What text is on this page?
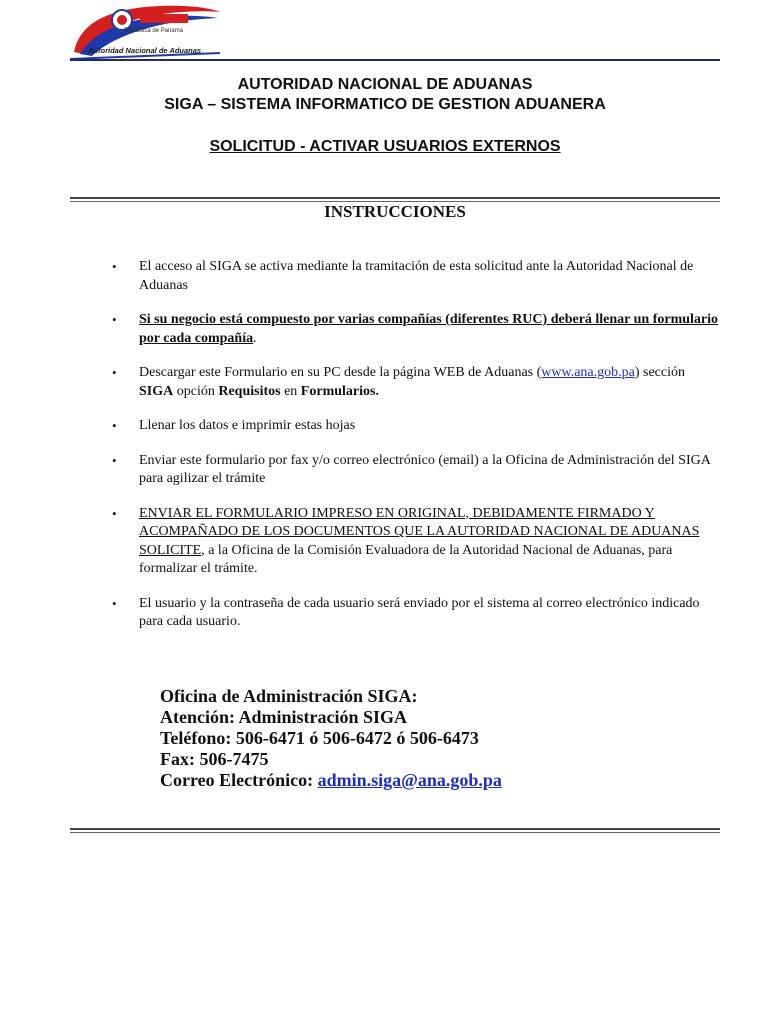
República de Panamá
Autoridad Nacional de Aduanas
AUTORIDAD NACIONAL DE ADUANAS
SIGA – SISTEMA INFORMATICO DE GESTION ADUANERA
SOLICITUD - ACTIVAR USUARIOS EXTERNOS
INSTRUCCIONES
• El acceso al SIGA se activa mediante la tramitación de esta solicitud ante la Autoridad Nacional de Aduanas
• Si su negocio está compuesto por varias compañías (diferentes RUC) deberá llenar un formulario por cada compañía.
• Descargar este Formulario en su PC desde la página WEB de Aduanas (www.ana.gob.pa) sección SIGA opción Requisitos en Formularios.
• Llenar los datos e imprimir estas hojas
• Enviar este formulario por fax y/o correo electrónico (email) a la Oficina de Administración del SIGA para agilizar el trámite
• ENVIAR EL FORMULARIO IMPRESO EN ORIGINAL, DEBIDAMENTE FIRMADO Y ACOMPAÑADO DE LOS DOCUMENTOS QUE LA AUTORIDAD NACIONAL DE ADUANAS SOLICITE, a la Oficina de la Comisión Evaluadora de la Autoridad Nacional de Aduanas, para formalizar el trámite.
• El usuario y la contraseña de cada usuario será enviado por el sistema al correo electrónico indicado para cada usuario.
Oficina de Administración SIGA:
Atención: Administración SIGA
Teléfono: 506-6471 ó 506-6472 ó 506-6473
Fax: 506-7475
Correo Electrónico: admin.siga@ana.gob.pa
